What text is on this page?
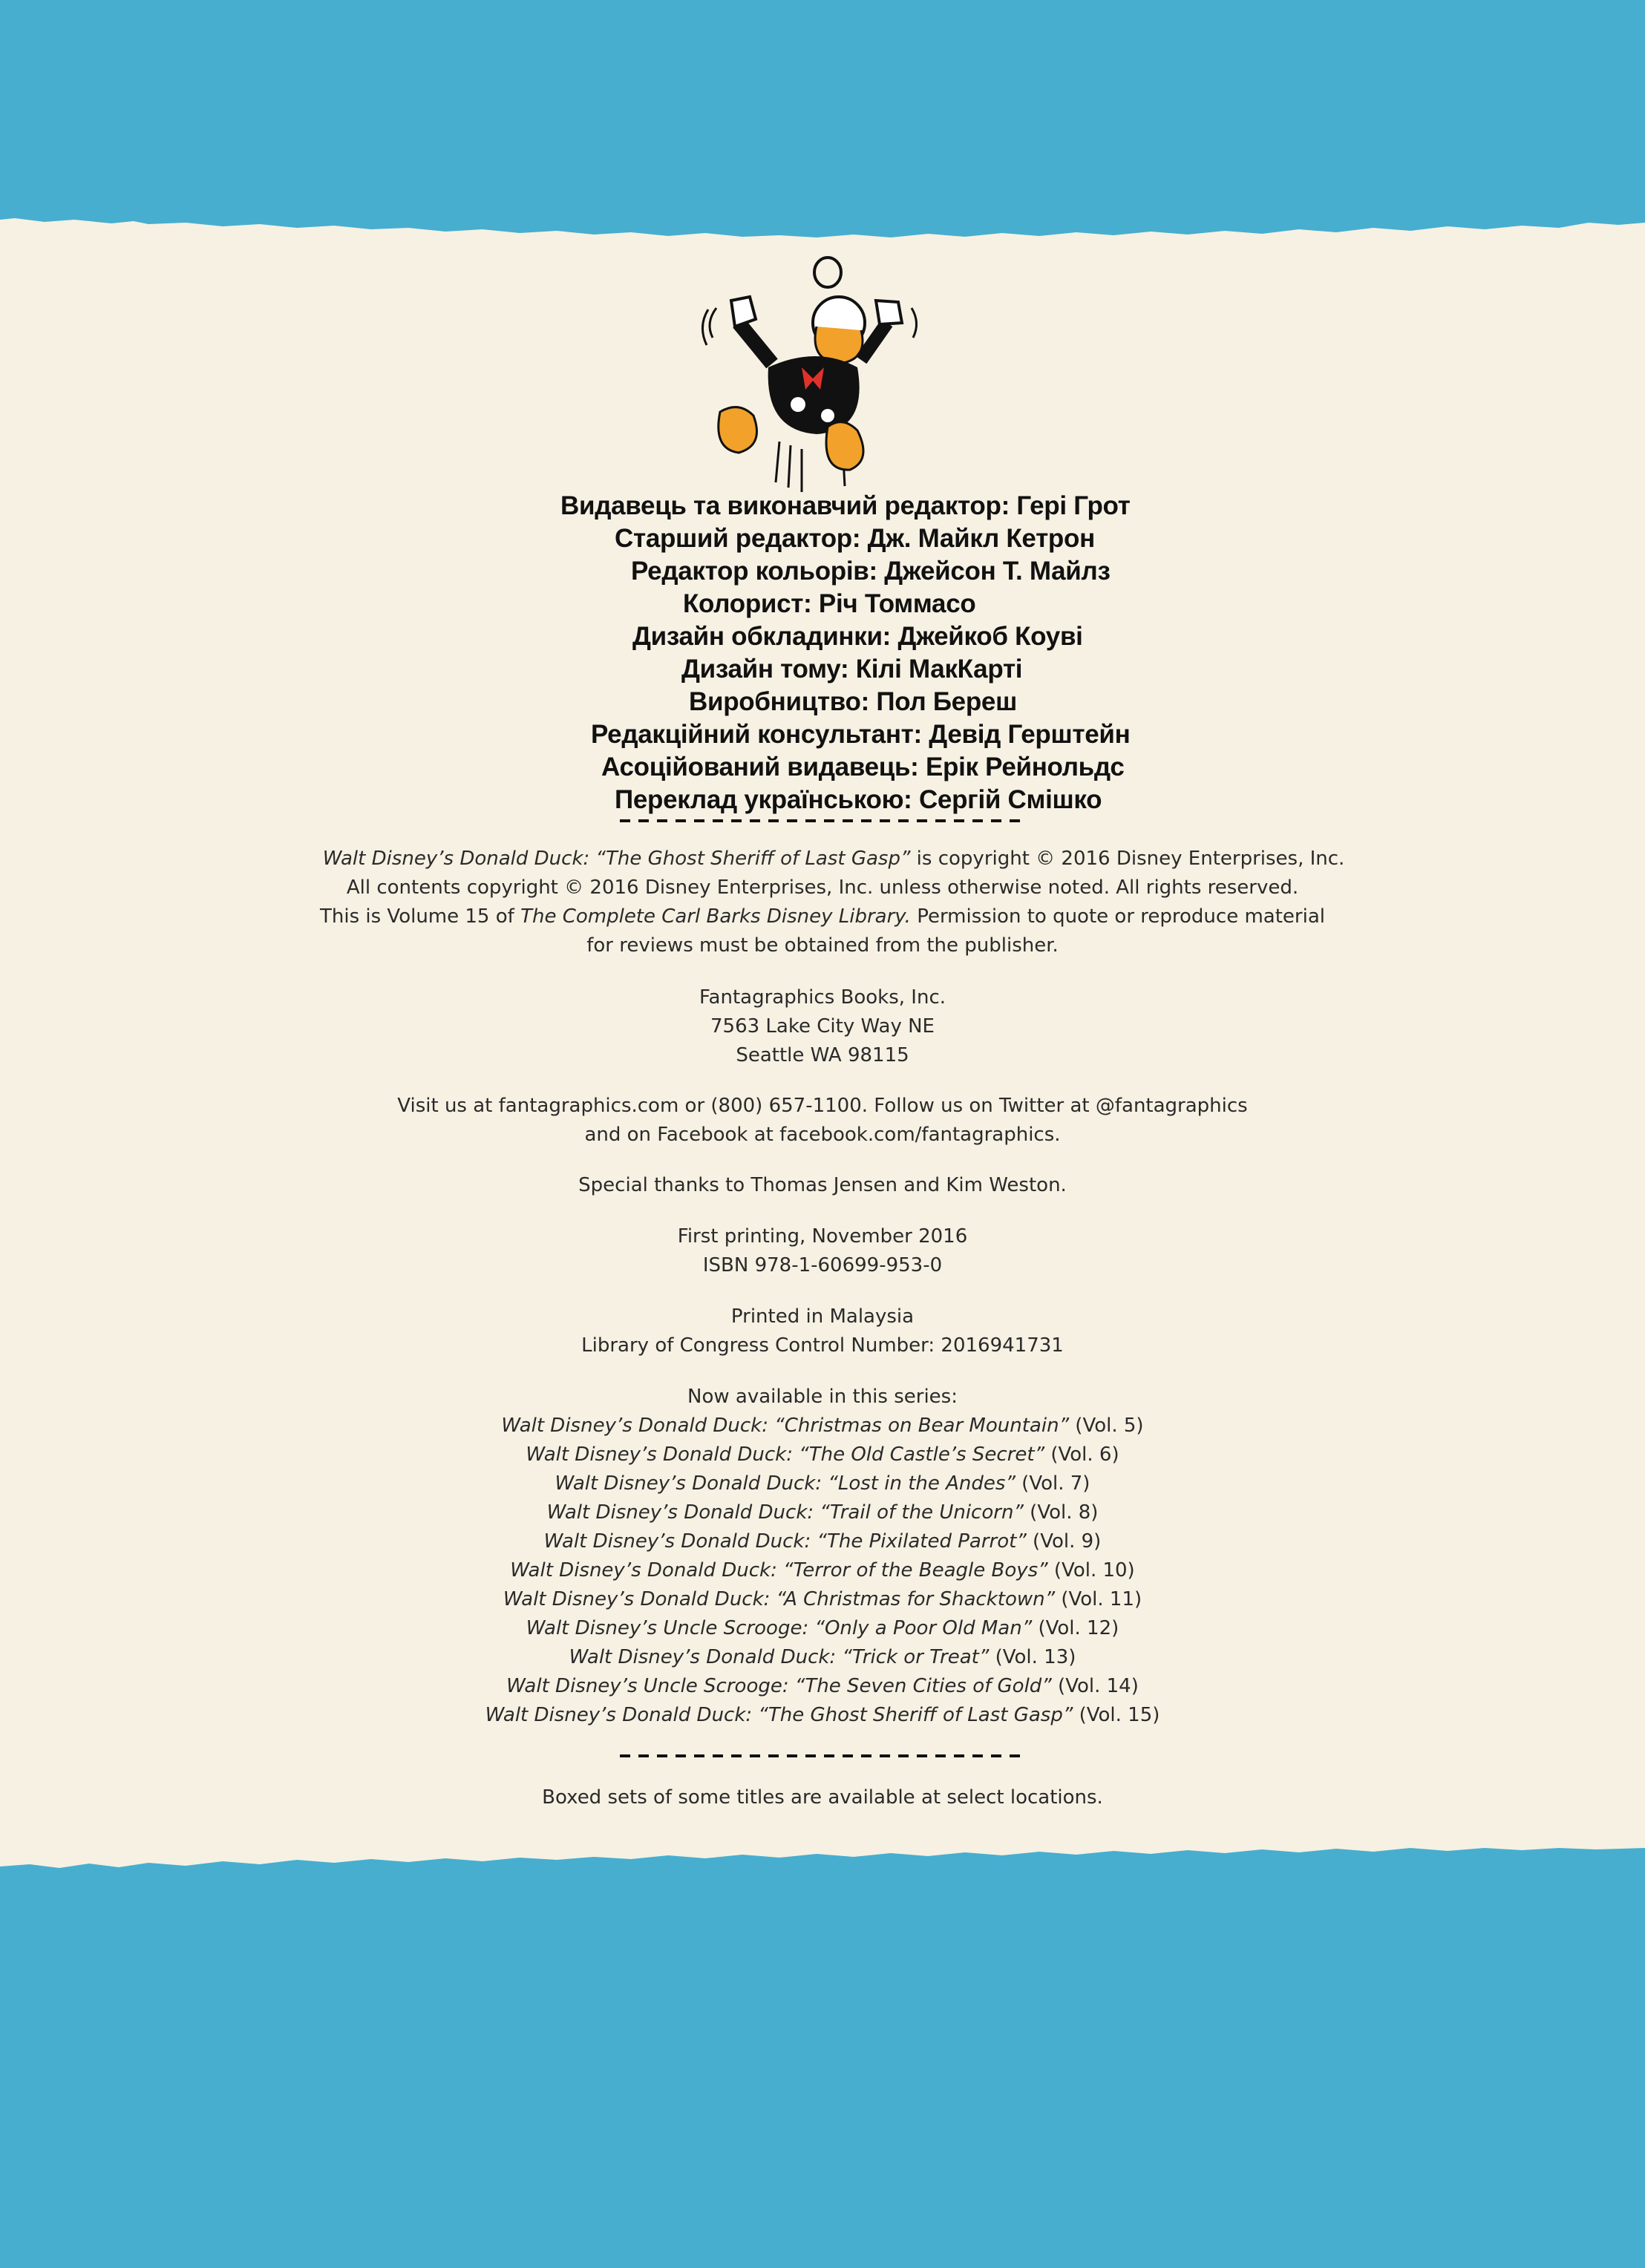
Видавець та виконавчий редактор: Гері Грот
Старший редактор: Дж. Майкл Кетрон
Редактор кольорів: Джейсон Т. Майлз
Колорист: Річ Томмасо
Дизайн обкладинки: Джейкоб Коуві
Дизайн тому: Кілі МакКарті
Виробництво: Пол Береш
Редакційний консультант: Девід Герштейн
Асоційований видавець: Ерік Рейнольдс
Переклад українською: Сергій Смішко

Walt Disney’s Donald Duck: “The Ghost Sheriff of Last Gasp” is copyright © 2016 Disney Enterprises, Inc.

All contents copyright © 2016 Disney Enterprises, Inc. unless otherwise noted. All rights reserved.

This is Volume 15 of The Complete Carl Barks Disney Library. Permission to quote or reproduce material

for reviews must be obtained from the publisher.

Fantagraphics Books, Inc.

7563 Lake City Way NE

Seattle WA 98115

Visit us at fantagraphics.com or (800) 657-1100. Follow us on Twitter at @fantagraphics

and on Facebook at facebook.com/fantagraphics.

Special thanks to Thomas Jensen and Kim Weston.

First printing, November 2016

ISBN 978-1-60699-953-0

Printed in Malaysia

Library of Congress Control Number: 2016941731

Now available in this series:

Walt Disney’s Donald Duck: “Christmas on Bear Mountain” (Vol. 5)

Walt Disney’s Donald Duck: “The Old Castle’s Secret” (Vol. 6)

Walt Disney’s Donald Duck: “Lost in the Andes” (Vol. 7)

Walt Disney’s Donald Duck: “Trail of the Unicorn” (Vol. 8)

Walt Disney’s Donald Duck: “The Pixilated Parrot” (Vol. 9)

Walt Disney’s Donald Duck: “Terror of the Beagle Boys” (Vol. 10)

Walt Disney’s Donald Duck: “A Christmas for Shacktown” (Vol. 11)

Walt Disney’s Uncle Scrooge: “Only a Poor Old Man” (Vol. 12)

Walt Disney’s Donald Duck: “Trick or Treat” (Vol. 13)

Walt Disney’s Uncle Scrooge: “The Seven Cities of Gold” (Vol. 14)

Walt Disney’s Donald Duck: “The Ghost Sheriff of Last Gasp” (Vol. 15)

Boxed sets of some titles are available at select locations.
